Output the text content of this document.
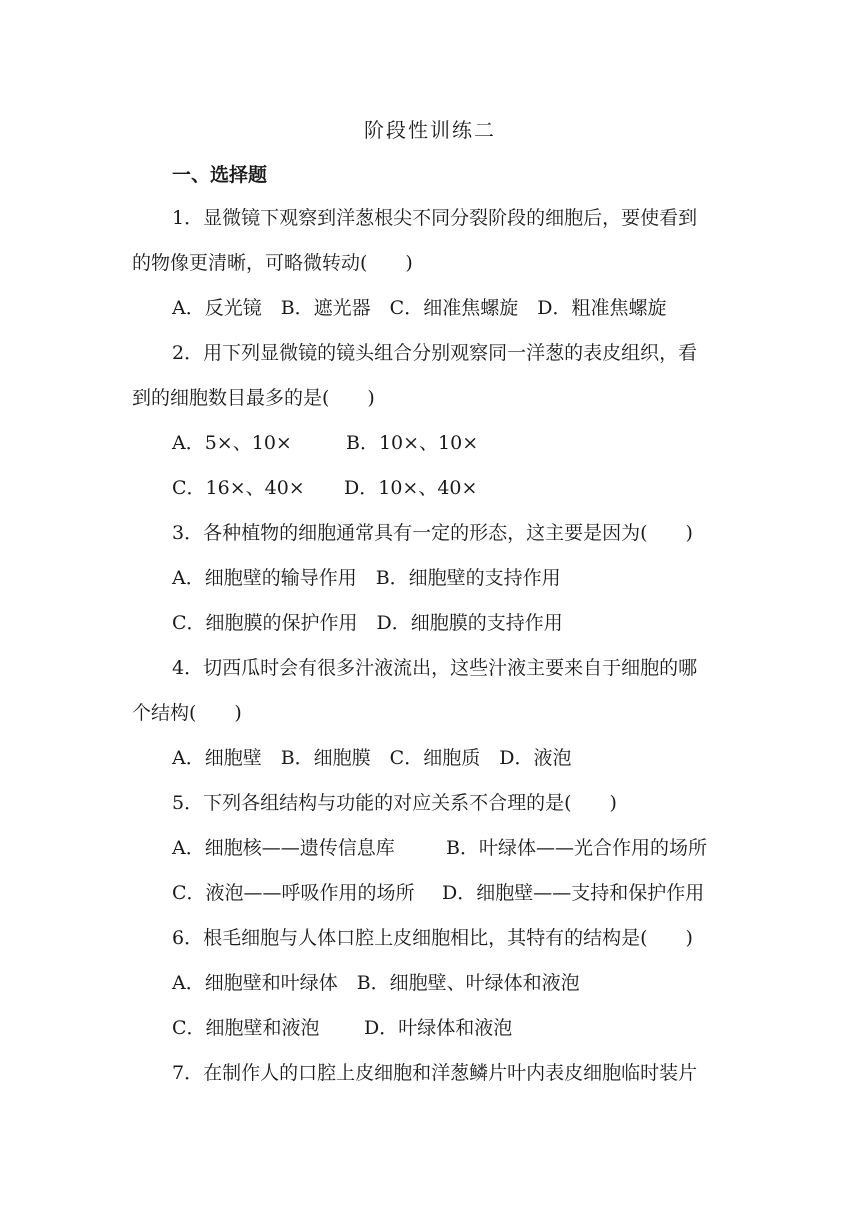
阶段性训练二
一、选择题
1．显微镜下观察到洋葱根尖不同分裂阶段的细胞后，要使看到
的物像更清晰，可略微转动(　　)
A．反光镜　B．遮光器　C．细准焦螺旋　D．粗准焦螺旋
2．用下列显微镜的镜头组合分别观察同一洋葱的表皮组织，看
到的细胞数目最多的是(　　)
A．5×、10×	B．10×、10×
C．16×、40× D．10×、40×
3．各种植物的细胞通常具有一定的形态，这主要是因为(　　)
A．细胞壁的输导作用　B．细胞壁的支持作用
C．细胞膜的保护作用　D．细胞膜的支持作用
4．切西瓜时会有很多汁液流出，这些汁液主要来自于细胞的哪
个结构(　　)
A．细胞壁　B．细胞膜　C．细胞质　D．液泡
5．下列各组结构与功能的对应关系不合理的是(　　)
A．细胞核——遗传信息库	B．叶绿体——光合作用的场所
C．液泡——呼吸作用的场所 D．细胞壁——支持和保护作用
6．根毛细胞与人体口腔上皮细胞相比，其特有的结构是(　　)
A．细胞壁和叶绿体　B．细胞壁、叶绿体和液泡
C．细胞壁和液泡 D．叶绿体和液泡
7．在制作人的口腔上皮细胞和洋葱鳞片叶内表皮细胞临时装片
